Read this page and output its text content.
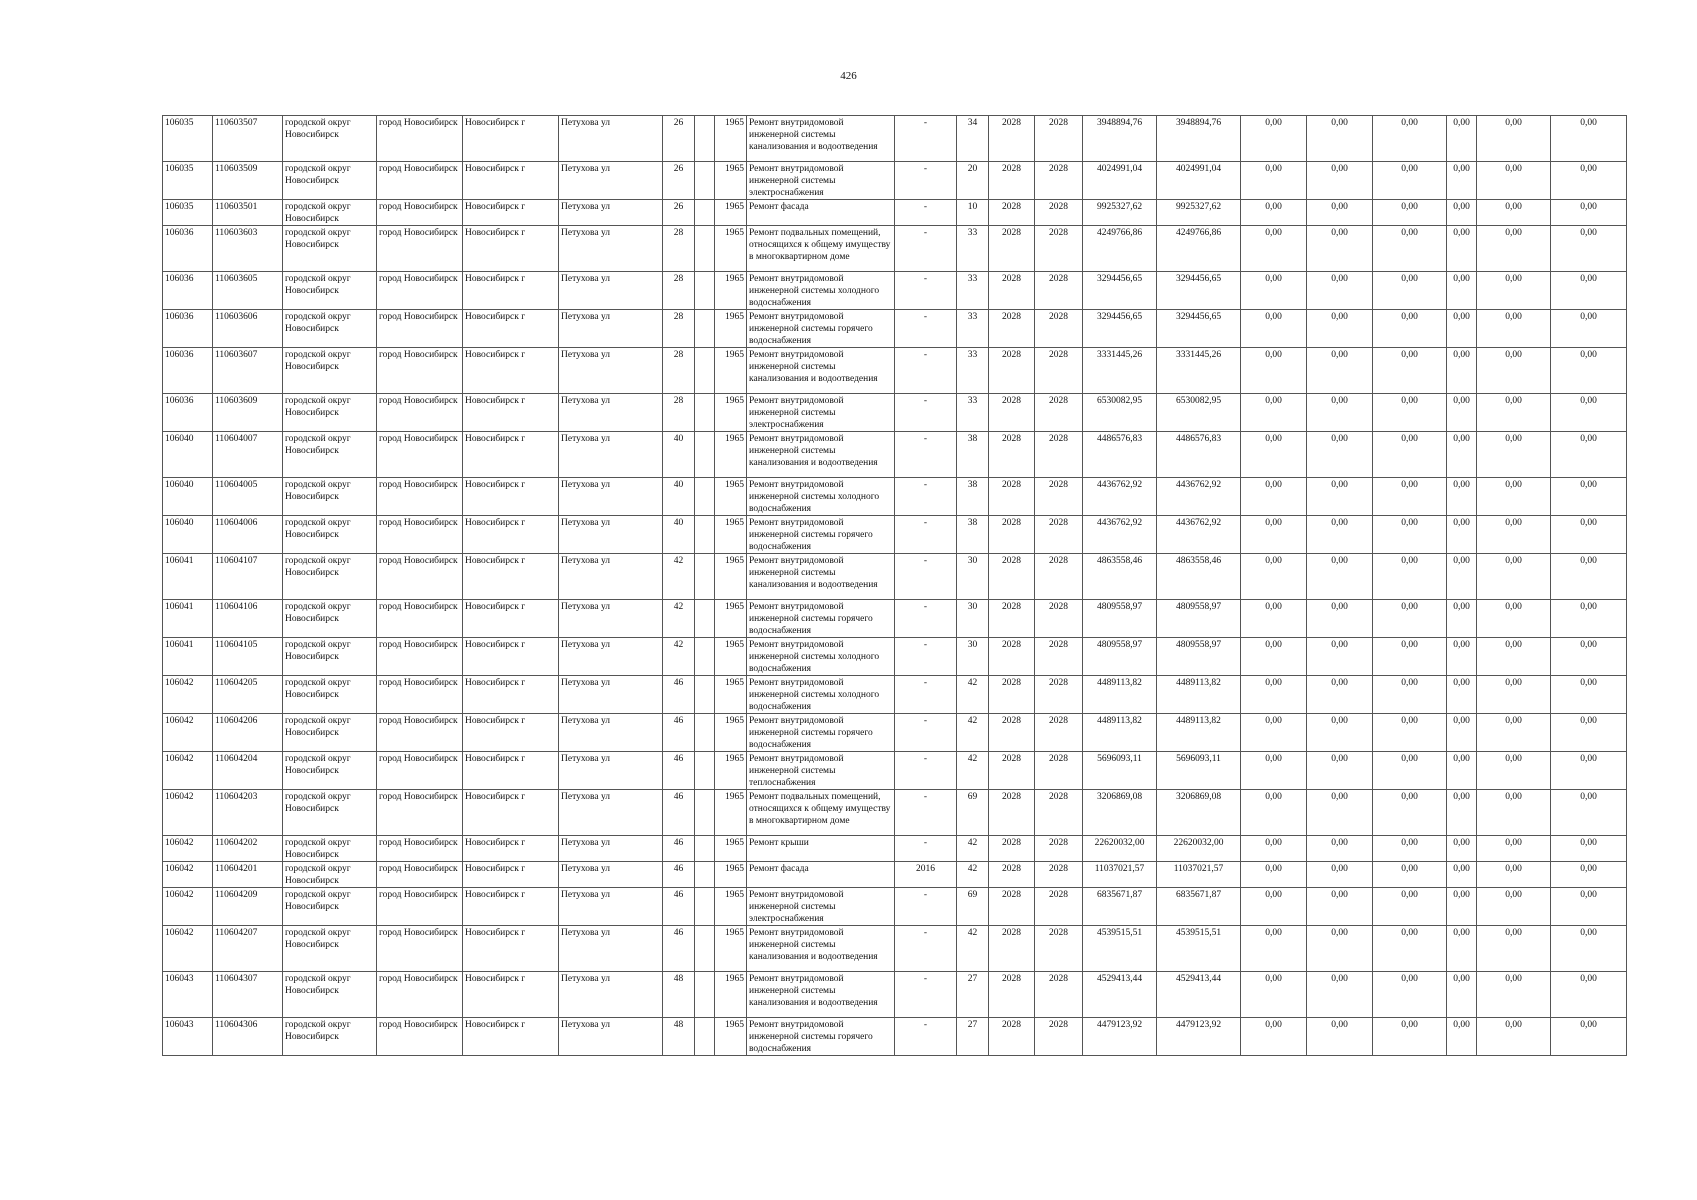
426
106035	110603507	городской округ Новосибирск	город Новосибирск	Новосибирск г	Петухова ул	26		1965	Ремонт внутридомовой инженерной системы канализования и водоотведения	-	34	2028	2028	3948894,76	3948894,76	0,00	0,00	0,00	0,00	0,00	0,00
106035	110603509	городской округ Новосибирск	город Новосибирск	Новосибирск г	Петухова ул	26		1965	Ремонт внутридомовой инженерной системы электроснабжения	-	20	2028	2028	4024991,04	4024991,04	0,00	0,00	0,00	0,00	0,00	0,00
106035	110603501	городской округ Новосибирск	город Новосибирск	Новосибирск г	Петухова ул	26		1965	Ремонт фасада	-	10	2028	2028	9925327,62	9925327,62	0,00	0,00	0,00	0,00	0,00	0,00
106036	110603603	городской округ Новосибирск	город Новосибирск	Новосибирск г	Петухова ул	28		1965	Ремонт подвальных помещений, относящихся к общему имуществу в многоквартирном доме	-	33	2028	2028	4249766,86	4249766,86	0,00	0,00	0,00	0,00	0,00	0,00
106036	110603605	городской округ Новосибирск	город Новосибирск	Новосибирск г	Петухова ул	28		1965	Ремонт внутридомовой инженерной системы холодного водоснабжения	-	33	2028	2028	3294456,65	3294456,65	0,00	0,00	0,00	0,00	0,00	0,00
106036	110603606	городской округ Новосибирск	город Новосибирск	Новосибирск г	Петухова ул	28		1965	Ремонт внутридомовой инженерной системы горячего водоснабжения	-	33	2028	2028	3294456,65	3294456,65	0,00	0,00	0,00	0,00	0,00	0,00
106036	110603607	городской округ Новосибирск	город Новосибирск	Новосибирск г	Петухова ул	28		1965	Ремонт внутридомовой инженерной системы канализования и водоотведения	-	33	2028	2028	3331445,26	3331445,26	0,00	0,00	0,00	0,00	0,00	0,00
106036	110603609	городской округ Новосибирск	город Новосибирск	Новосибирск г	Петухова ул	28		1965	Ремонт внутридомовой инженерной системы электроснабжения	-	33	2028	2028	6530082,95	6530082,95	0,00	0,00	0,00	0,00	0,00	0,00
106040	110604007	городской округ Новосибирск	город Новосибирск	Новосибирск г	Петухова ул	40		1965	Ремонт внутридомовой инженерной системы канализования и водоотведения	-	38	2028	2028	4486576,83	4486576,83	0,00	0,00	0,00	0,00	0,00	0,00
106040	110604005	городской округ Новосибирск	город Новосибирск	Новосибирск г	Петухова ул	40		1965	Ремонт внутридомовой инженерной системы холодного водоснабжения	-	38	2028	2028	4436762,92	4436762,92	0,00	0,00	0,00	0,00	0,00	0,00
106040	110604006	городской округ Новосибирск	город Новосибирск	Новосибирск г	Петухова ул	40		1965	Ремонт внутридомовой инженерной системы горячего водоснабжения	-	38	2028	2028	4436762,92	4436762,92	0,00	0,00	0,00	0,00	0,00	0,00
106041	110604107	городской округ Новосибирск	город Новосибирск	Новосибирск г	Петухова ул	42		1965	Ремонт внутридомовой инженерной системы канализования и водоотведения	-	30	2028	2028	4863558,46	4863558,46	0,00	0,00	0,00	0,00	0,00	0,00
106041	110604106	городской округ Новосибирск	город Новосибирск	Новосибирск г	Петухова ул	42		1965	Ремонт внутридомовой инженерной системы горячего водоснабжения	-	30	2028	2028	4809558,97	4809558,97	0,00	0,00	0,00	0,00	0,00	0,00
106041	110604105	городской округ Новосибирск	город Новосибирск	Новосибирск г	Петухова ул	42		1965	Ремонт внутридомовой инженерной системы холодного водоснабжения	-	30	2028	2028	4809558,97	4809558,97	0,00	0,00	0,00	0,00	0,00	0,00
106042	110604205	городской округ Новосибирск	город Новосибирск	Новосибирск г	Петухова ул	46		1965	Ремонт внутридомовой инженерной системы холодного водоснабжения	-	42	2028	2028	4489113,82	4489113,82	0,00	0,00	0,00	0,00	0,00	0,00
106042	110604206	городской округ Новосибирск	город Новосибирск	Новосибирск г	Петухова ул	46		1965	Ремонт внутридомовой инженерной системы горячего водоснабжения	-	42	2028	2028	4489113,82	4489113,82	0,00	0,00	0,00	0,00	0,00	0,00
106042	110604204	городской округ Новосибирск	город Новосибирск	Новосибирск г	Петухова ул	46		1965	Ремонт внутридомовой инженерной системы теплоснабжения	-	42	2028	2028	5696093,11	5696093,11	0,00	0,00	0,00	0,00	0,00	0,00
106042	110604203	городской округ Новосибирск	город Новосибирск	Новосибирск г	Петухова ул	46		1965	Ремонт подвальных помещений, относящихся к общему имуществу в многоквартирном доме	-	69	2028	2028	3206869,08	3206869,08	0,00	0,00	0,00	0,00	0,00	0,00
106042	110604202	городской округ Новосибирск	город Новосибирск	Новосибирск г	Петухова ул	46		1965	Ремонт крыши	-	42	2028	2028	22620032,00	22620032,00	0,00	0,00	0,00	0,00	0,00	0,00
106042	110604201	городской округ Новосибирск	город Новосибирск	Новосибирск г	Петухова ул	46		1965	Ремонт фасада	2016	42	2028	2028	11037021,57	11037021,57	0,00	0,00	0,00	0,00	0,00	0,00
106042	110604209	городской округ Новосибирск	город Новосибирск	Новосибирск г	Петухова ул	46		1965	Ремонт внутридомовой инженерной системы электроснабжения	-	69	2028	2028	6835671,87	6835671,87	0,00	0,00	0,00	0,00	0,00	0,00
106042	110604207	городской округ Новосибирск	город Новосибирск	Новосибирск г	Петухова ул	46		1965	Ремонт внутридомовой инженерной системы канализования и водоотведения	-	42	2028	2028	4539515,51	4539515,51	0,00	0,00	0,00	0,00	0,00	0,00
106043	110604307	городской округ Новосибирск	город Новосибирск	Новосибирск г	Петухова ул	48		1965	Ремонт внутридомовой инженерной системы канализования и водоотведения	-	27	2028	2028	4529413,44	4529413,44	0,00	0,00	0,00	0,00	0,00	0,00
106043	110604306	городской округ Новосибирск	город Новосибирск	Новосибирск г	Петухова ул	48		1965	Ремонт внутридомовой инженерной системы горячего водоснабжения	-	27	2028	2028	4479123,92	4479123,92	0,00	0,00	0,00	0,00	0,00	0,00
